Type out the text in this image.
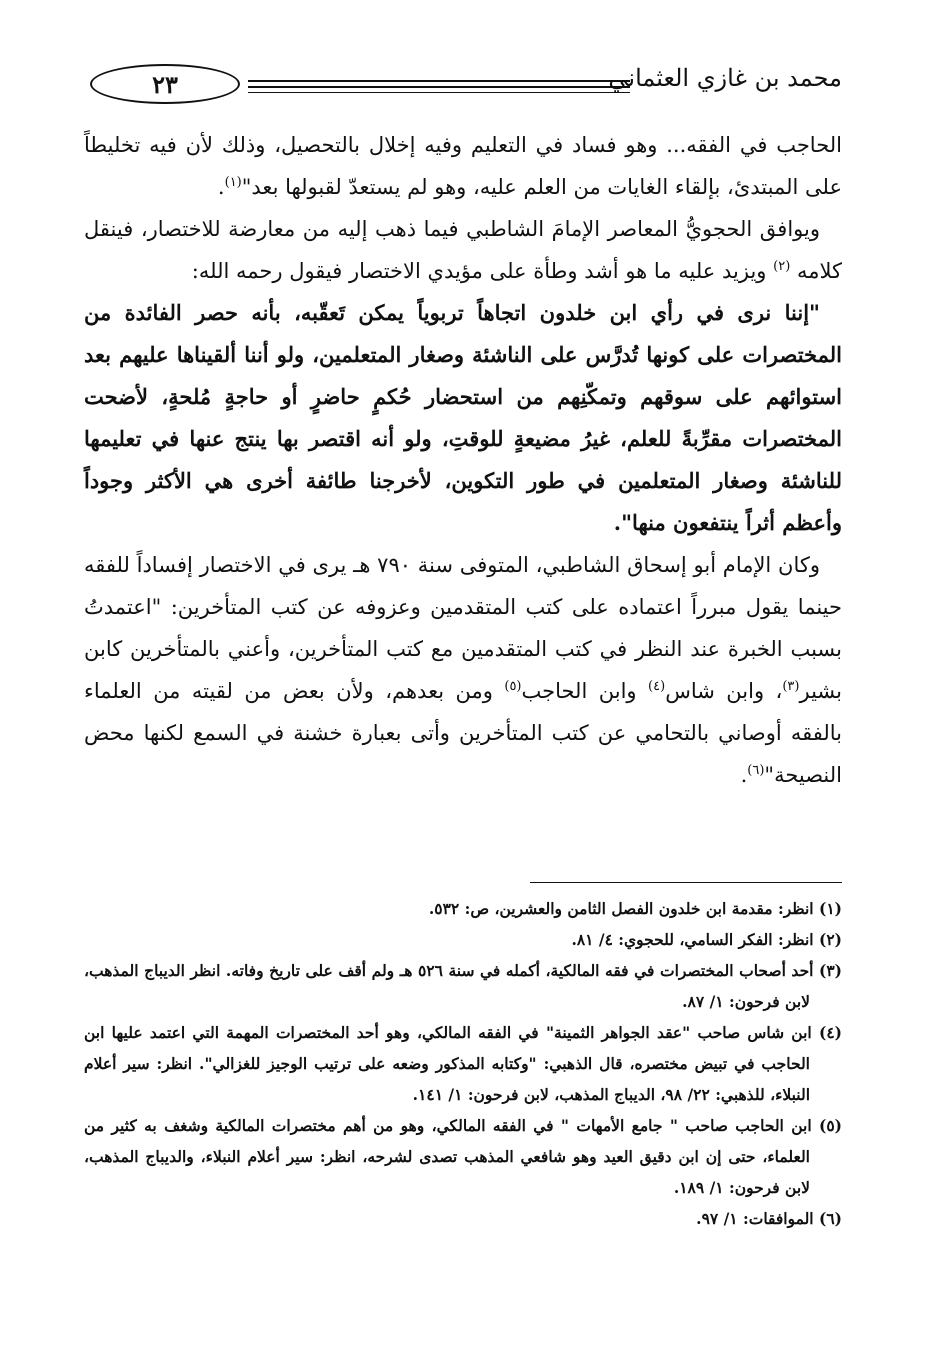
٢٣	محمد بن غازي العثماني

الحاجب في الفقه... وهو فساد في التعليم وفيه إخلال بالتحصيل، وذلك لأن فيه تخليطاً على المبتدئ، بإلقاء الغايات من العلم عليه، وهو لم يستعدّ لقبولها بعد"$^{(١)}$.

ويوافق الحجويُّ المعاصر الإمامَ الشاطبي فيما ذهب إليه من معارضة للاختصار، فينقل كلامه $^{(٢)}$ ويزيد عليه ما هو أشد وطأة على مؤيدي الاختصار فيقول رحمه الله:

"إننا نرى في رأي ابن خلدون اتجاهاً تربوياً يمكن تَعقّبه، بأنه حصر الفائدة من المختصرات على كونها تُدرَّس على الناشئة وصغار المتعلمين، ولو أننا ألقيناها عليهم بعد استوائهم على سوقهم وتمكّنِهم من استحضار حُكمٍ حاضرٍ أو حاجةٍ مُلحةٍ، لأضحت المختصرات مقرِّبةً للعلم، غيرُ مضيعةٍ للوقتِ، ولو أنه اقتصر بها ينتج عنها في تعليمها للناشئة وصغار المتعلمين في طور التكوين، لأخرجنا طائفة أخرى هي الأكثر وجوداً وأعظم أثراً ينتفعون منها".

وكان الإمام أبو إسحاق الشاطبي، المتوفى سنة ٧٩٠ هـ يرى في الاختصار إفساداً للفقه حينما يقول مبرراً اعتماده على كتب المتقدمين وعزوفه عن كتب المتأخرين: "اعتمدتُ بسبب الخبرة عند النظر في كتب المتقدمين مع كتب المتأخرين، وأعني بالمتأخرين كابن بشير$^{(٣)}$، وابن شاس$^{(٤)}$ وابن الحاجب$^{(٥)}$ ومن بعدهم، ولأن بعض من لقيته من العلماء بالفقه أوصاني بالتحامي عن كتب المتأخرين وأتى بعبارة خشنة في السمع لكنها محض النصيحة"$^{(٦)}$.

(١) انظر: مقدمة ابن خلدون الفصل الثامن والعشرين، ص: ٥٣٢.

(٢) انظر: الفكر السامي، للحجوي: ٤/ ٨١.

(٣) أحد أصحاب المختصرات في فقه المالكية، أكمله في سنة ٥٢٦ هـ ولم أقف على تاريخ وفاته. انظر الديباج المذهب، لابن فرحون: ١/ ٨٧.

(٤) ابن شاس صاحب "عقد الجواهر الثمينة" في الفقه المالكي، وهو أحد المختصرات المهمة التي اعتمد عليها ابن الحاجب في تبيض مختصره، قال الذهبي: "وكتابه المذكور وضعه على ترتيب الوجيز للغزالي". انظر: سير أعلام النبلاء، للذهبي: ٢٢/ ٩٨، الديباج المذهب، لابن فرحون: ١/ ١٤١.

(٥) ابن الحاجب صاحب " جامع الأمهات " في الفقه المالكي، وهو من أهم مختصرات المالكية وشغف به كثير من العلماء، حتى إن ابن دقيق العيد وهو شافعي المذهب تصدى لشرحه، انظر: سير أعلام النبلاء، والديباج المذهب، لابن فرحون: ١/ ١٨٩.

(٦) الموافقات: ١/ ٩٧.
